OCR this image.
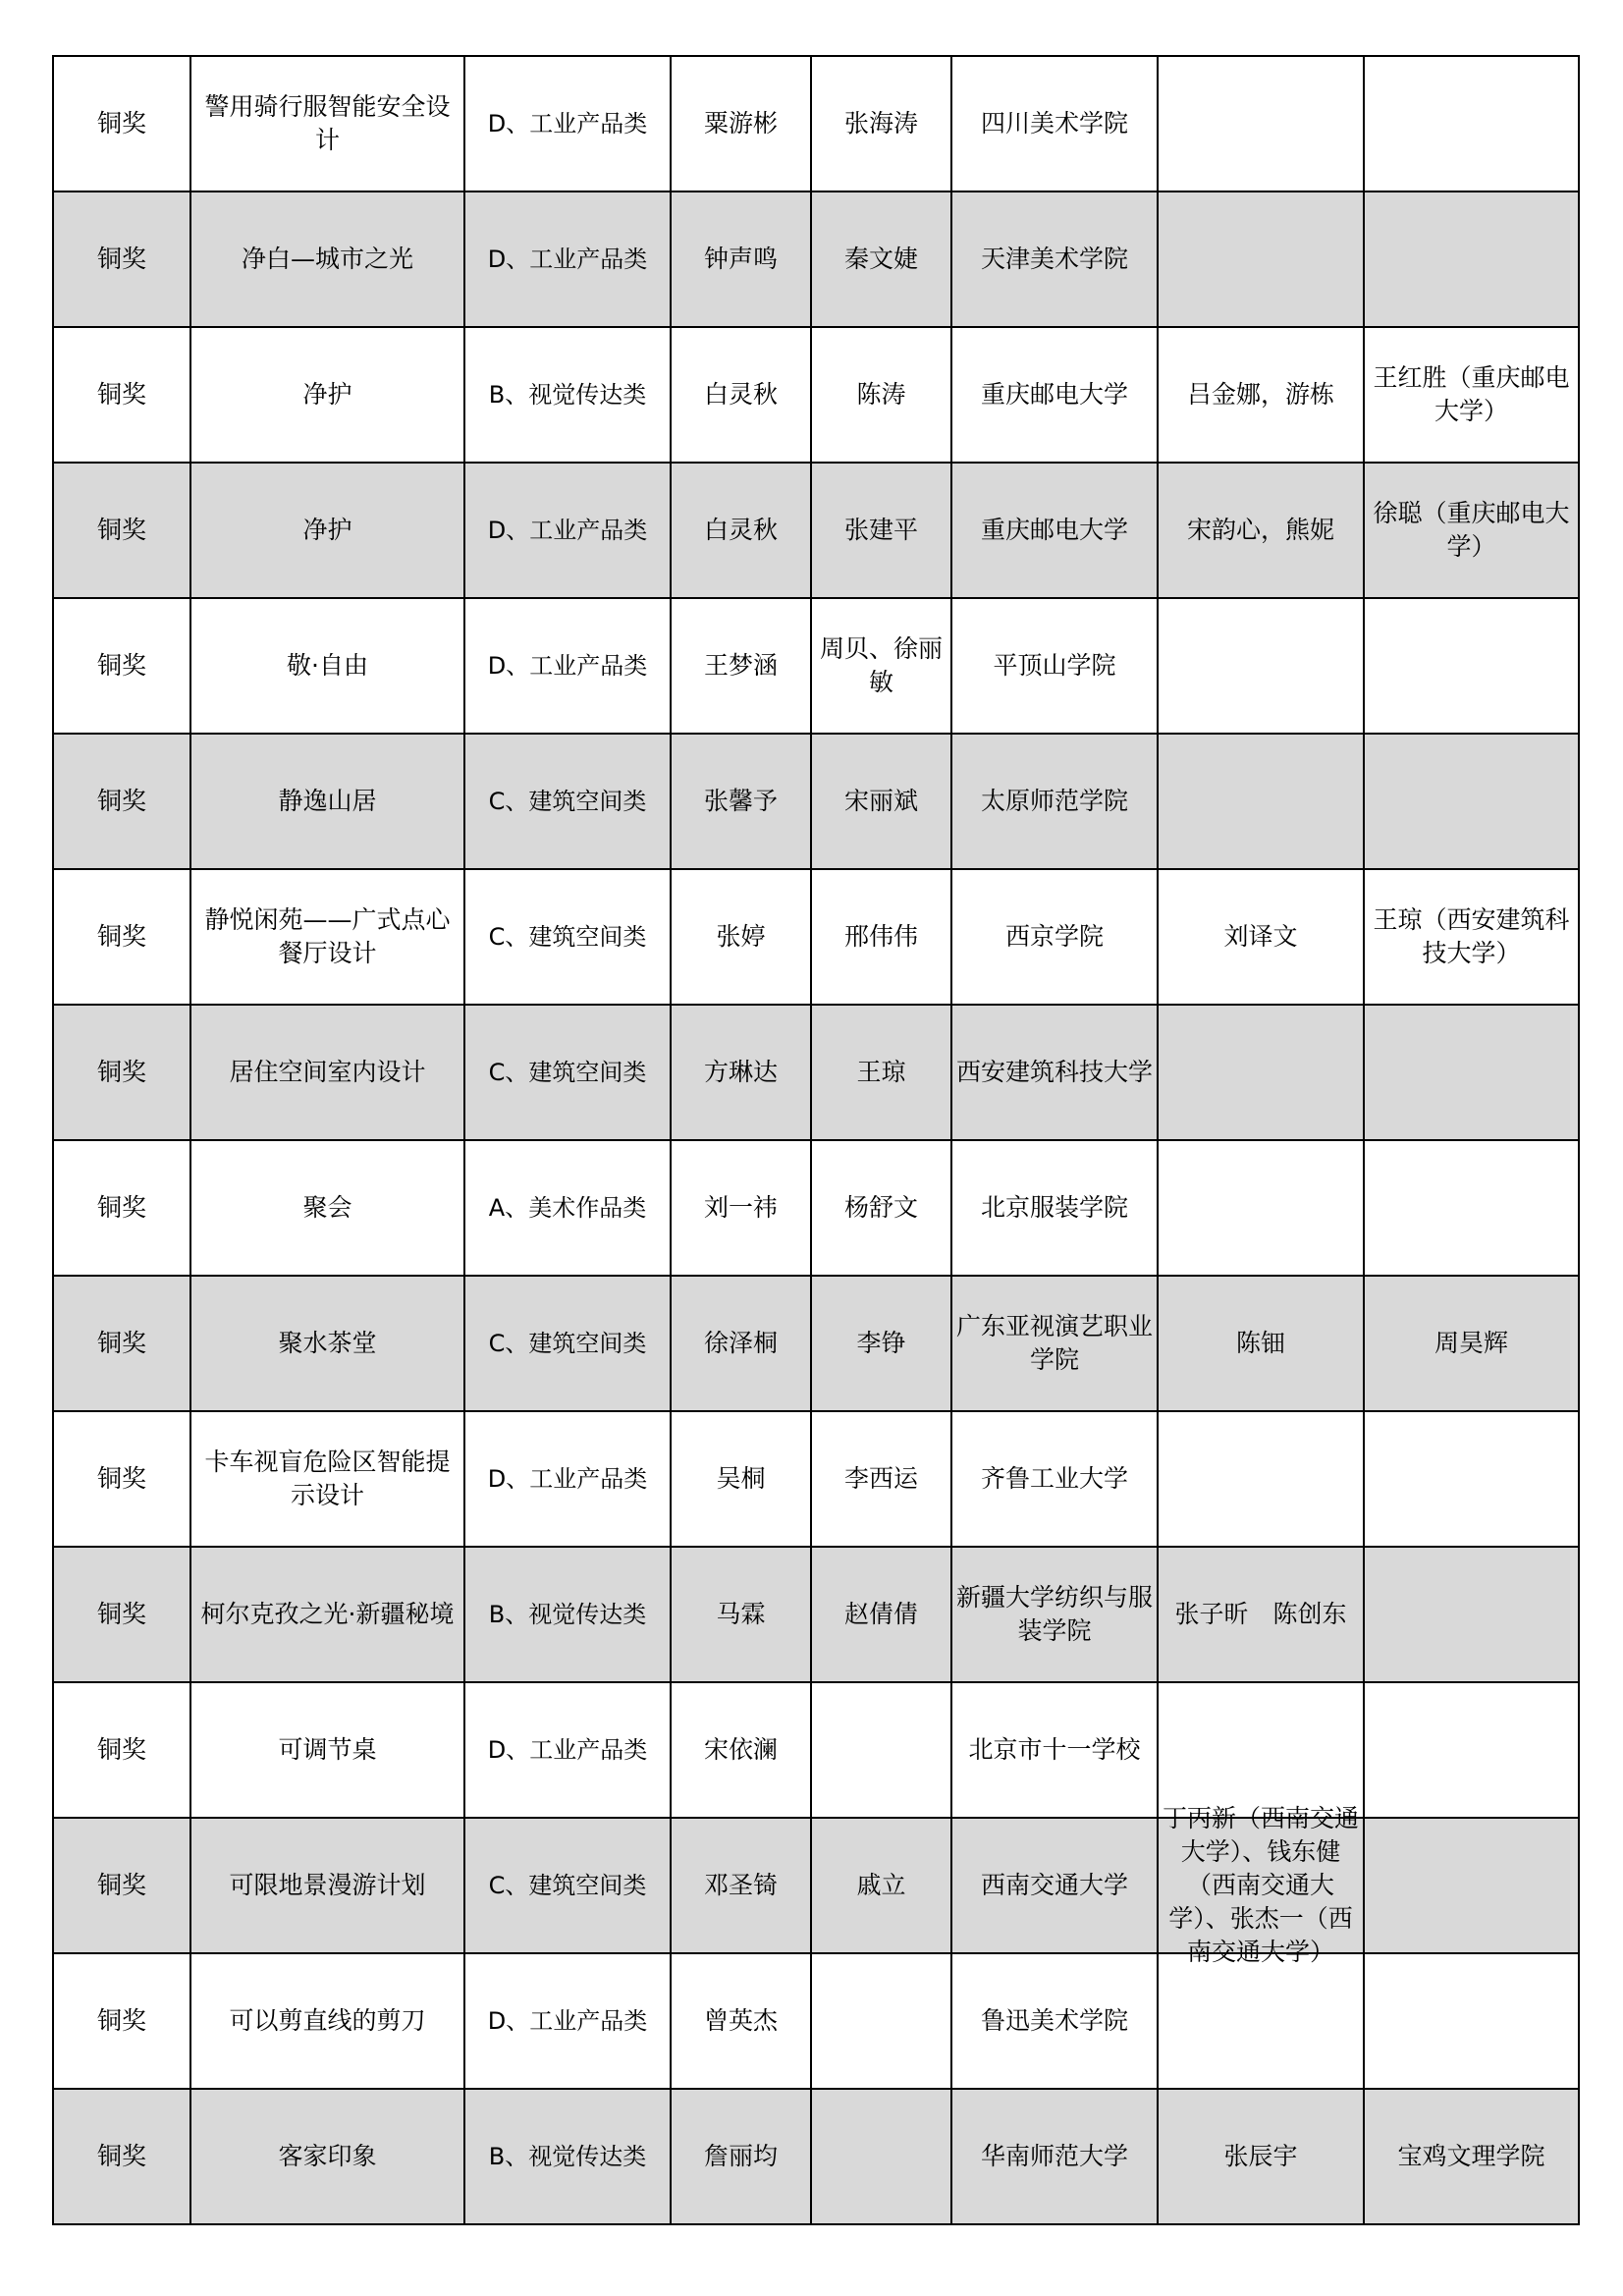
铜奖	警用骑行服智能安全设计	D、工业产品类	粟游彬	张海涛	四川美术学院		

铜奖	净白—城市之光	D、工业产品类	钟声鸣	秦文婕	天津美术学院		

铜奖	净护	B、视觉传达类	白灵秋	陈涛	重庆邮电大学	吕金娜，游栋	王红胜（重庆邮电大学）

铜奖	净护	D、工业产品类	白灵秋	张建平	重庆邮电大学	宋韵心，熊妮	徐聪（重庆邮电大学）

铜奖	敬·自由	D、工业产品类	王梦涵	周贝、徐丽敏	平顶山学院		

铜奖	静逸山居	C、建筑空间类	张馨予	宋丽斌	太原师范学院		

铜奖	静悦闲苑——广式点心餐厅设计	C、建筑空间类	张婷	邢伟伟	西京学院	刘译文	王琼（西安建筑科技大学）

铜奖	居住空间室内设计	C、建筑空间类	方琳达	王琼	西安建筑科技大学		

铜奖	聚会	A、美术作品类	刘一祎	杨舒文	北京服装学院		

铜奖	聚水茶堂	C、建筑空间类	徐泽桐	李铮	广东亚视演艺职业学院	陈钿	周昊辉

铜奖	卡车视盲危险区智能提示设计	D、工业产品类	吴桐	李西运	齐鲁工业大学		

铜奖	柯尔克孜之光·新疆秘境	B、视觉传达类	马霖	赵倩倩	新疆大学纺织与服装学院	张子昕　陈创东	

铜奖	可调节桌	D、工业产品类	宋依澜		北京市十一学校		

铜奖	可限地景漫游计划	C、建筑空间类	邓圣锜	戚立	西南交通大学	丁丙新（西南交通大学）、钱东健（西南交通大学）、张杰一（西南交通大学）	

铜奖	可以剪直线的剪刀	D、工业产品类	曾英杰		鲁迅美术学院		

铜奖	客家印象	B、视觉传达类	詹丽均		华南师范大学	张辰宇	宝鸡文理学院
